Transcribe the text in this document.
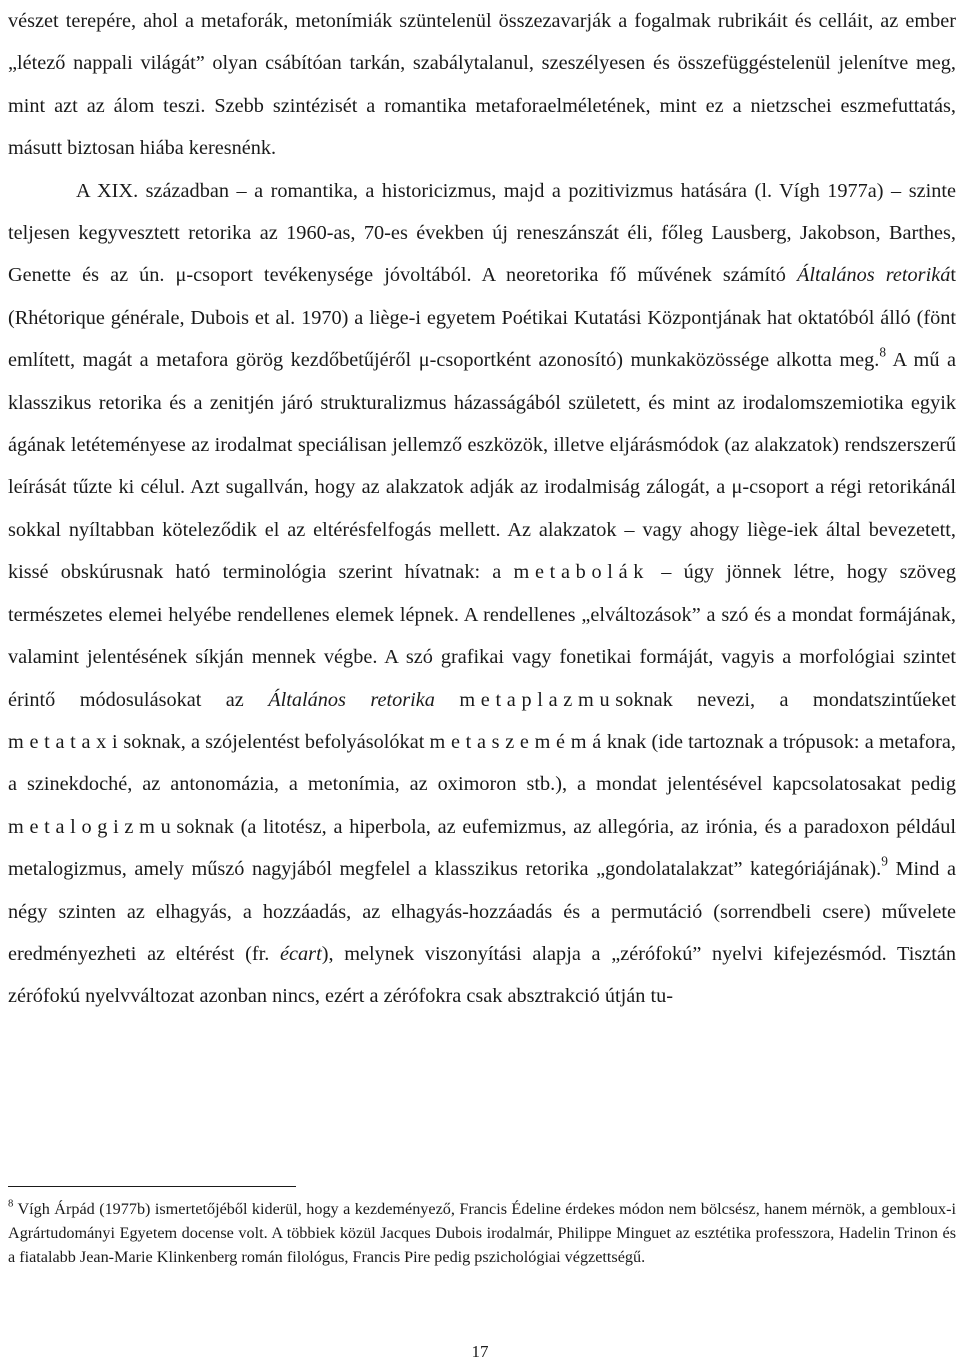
vészet terepére, ahol a metaforák, metonímiák szüntelenül összezavarják a fogalmak rubrikáit és celláit, az ember „létező nappali világát” olyan csábítóan tarkán, szabálytalanul, szeszélyesen és összefüggéstelenül jelenítve meg, mint azt az álom teszi. Szebb szintézisét a romantika metaforaelméletének, mint ez a nietzschei eszmefuttatás, másutt biztosan hiába keresnénk.

A XIX. században – a romantika, a historicizmus, majd a pozitivizmus hatására (l. Vígh 1977a) – szinte teljesen kegyvesztett retorika az 1960-as, 70-es években új reneszánszát éli, főleg Lausberg, Jakobson, Barthes, Genette és az ún. μ-csoport tevékenysége jóvoltából. A neoretorika fő művének számító Általános retorikát (Rhétorique générale, Dubois et al. 1970) a liège-i egyetem Poétikai Kutatási Központjának hat oktatóból álló (fönt említett, magát a metafora görög kezdőbetűjéről μ-csoportként azonosító) munkaközössége alkotta meg.$^8$ A mű a klasszikus retorika és a zenitjén járó strukturalizmus házasságából született, és mint az irodalomszemiotika egyik ágának letéteményese az irodalmat speciálisan jellemző eszközök, illetve eljárásmódok (az alakzatok) rendszerszerű leírását tűzte ki célul. Azt sugallván, hogy az alakzatok adják az irodalmiság zálogát, a μ-csoport a régi retorikánál sokkal nyíltabban köteleződik el az eltérésfelfogás mellett. Az alakzatok – vagy ahogy liège-iek által bevezetett, kissé obskúrusnak ható terminológia szerint hívatnak: a metabolák – úgy jönnek létre, hogy szöveg természetes elemei helyébe rendellenes elemek lépnek. A rendellenes „elváltozások” a szó és a mondat formájának, valamint jelentésének síkján mennek végbe. A szó grafikai vagy fonetikai formáját, vagyis a morfológiai szintet érintő módosulásokat az Általános retorika metaplazmusoknak nevezi, a mondatszintűeket metataxisoknak, a szójelentést befolyásolókat metaszemémáknak (ide tartoznak a trópusok: a metafora, a szinekdoché, az antonomázia, a metonímia, az oximoron stb.), a mondat jelentésével kapcsolatosakat pedig metalogizmusoknak (a litotész, a hiperbola, az eufemizmus, az allegória, az irónia, és a paradoxon például metalogizmus, amely műszó nagyjából megfelel a klasszikus retorika „gondolatalakzat” kategóriájának).$^9$ Mind a négy szinten az elhagyás, a hozzáadás, az elhagyás-hozzáadás és a permutáció (sorrendbeli csere) művelete eredményezheti az eltérést (fr. écart), melynek viszonyítási alapja a „zérófokú” nyelvi kifejezésmód. Tisztán zérófokú nyelvváltozat azonban nincs, ezért a zérófokra csak absztrakció útján tu-

$^8$ Vígh Árpád (1977b) ismertetőjéből kiderül, hogy a kezdeményező, Francis Édeline érdekes módon nem bölcsész, hanem mérnök, a gembloux-i Agrártudományi Egyetem docense volt. A többiek közül Jacques Dubois irodalmár, Philippe Minguet az esztétika professzora, Hadelin Trinon és a fiatalabb Jean-Marie Klinkenberg román filológus, Francis Pire pedig pszichológiai végzettségű.

17
